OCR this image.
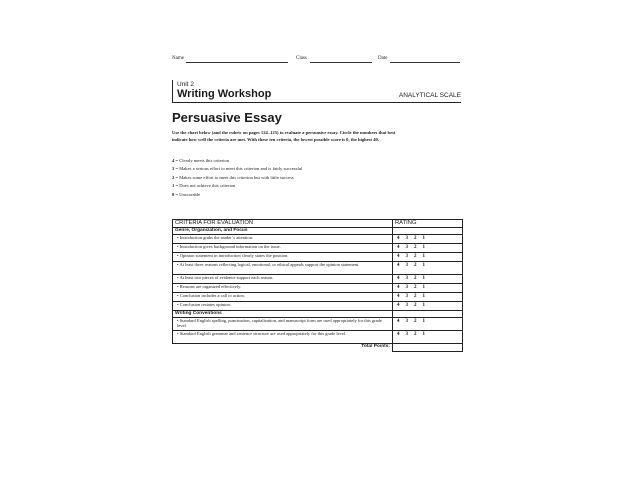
Name	Class	Date
Unit 2
Writing Workshop	ANALYTICAL SCALE
Persuasive Essay
Use the chart below (and the rubric on pages 124–125) to evaluate a persuasive essay. Circle the numbers that best indicate how well the criteria are met. With these ten criteria, the lowest possible score is 0, the highest 40.
4 = Clearly meets this criterion
3 = Makes a serious effort to meet this criterion and is fairly successful
2 = Makes some effort to meet this criterion but with little success
1 = Does not achieve this criterion
0 = Unscorable
CRITERIA FOR EVALUATION	RATING
Genre, Organization, and Focus	

• Introduction grabs the reader’s attention.	4 3 2 1

• Introduction gives background information on the issue.	4 3 2 1

• Opinion statement in introduction clearly states the position.	4 3 2 1

• At least three reasons reflecting logical, emotional, or ethical appeals support the opinion statement.	4 3 2 1

• At least two pieces of evidence support each reason.	4 3 2 1

• Reasons are organized effectively.	4 3 2 1

• Conclusion includes a call to action.	4 3 2 1

• Conclusion restates opinion.	4 3 2 1

Writing Conventions	

• Standard English spelling, punctuation, capitalization, and manuscript form are used appropriately for this grade level.	4 3 2 1

• Standard English grammar and sentence structure are used appropriately for this grade level.	4 3 2 1

Total Points:	
